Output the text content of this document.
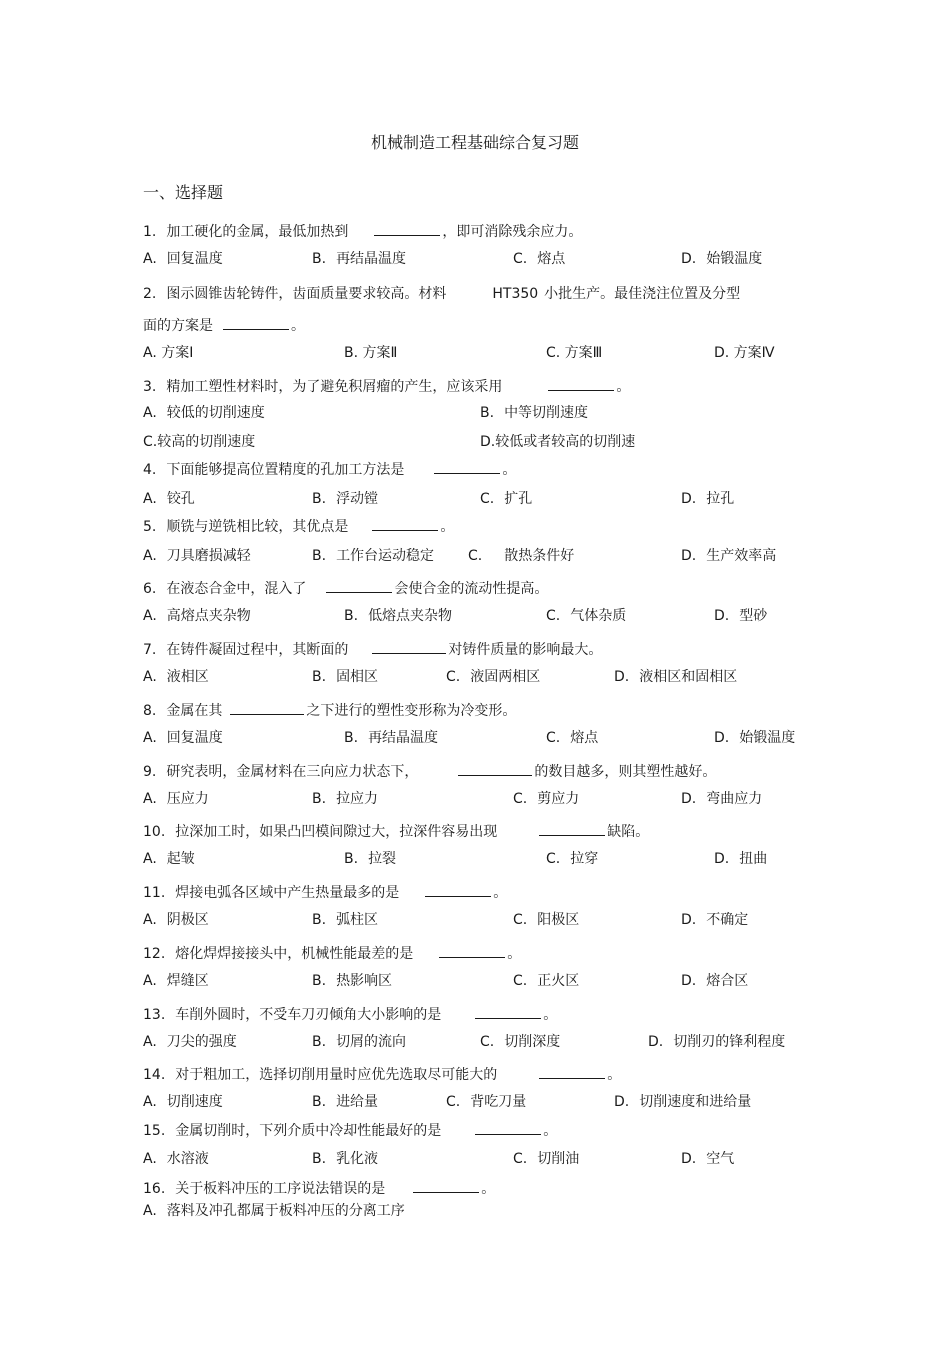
机械制造工程基础综合复习题
一、选择题
1. 加工硬化的金属，最低加热到	，即可消除残余应力。
A. 回复温度	B. 再结晶温度	C. 熔点	D. 始锻温度
2. 图示圆锥齿轮铸件，齿面质量要求较高。材料	HT350 小批生产。最佳浇注位置及分型
面的方案是	。
A. 方案Ⅰ	B. 方案Ⅱ	C. 方案Ⅲ	D. 方案Ⅳ
3. 精加工塑性材料时，为了避免积屑瘤的产生，应该采用	。
A. 较低的切削速度	B. 中等切削速度
C.较高的切削速度	D.较低或者较高的切削速
4. 下面能够提高位置精度的孔加工方法是	。
A. 铰孔	B. 浮动镗	C. 扩孔	D. 拉孔
5. 顺铣与逆铣相比较，其优点是	。
A. 刀具磨损减轻	B. 工作台运动稳定 C. 散热条件好	D. 生产效率高
6. 在液态合金中，混入了	会使合金的流动性提高。
A. 高熔点夹杂物	B. 低熔点夹杂物	C. 气体杂质	D. 型砂
7. 在铸件凝固过程中，其断面的	对铸件质量的影响最大。
A. 液相区	B. 固相区	C. 液固两相区	D. 液相区和固相区
8. 金属在其	之下进行的塑性变形称为冷变形。
A. 回复温度	B. 再结晶温度	C. 熔点	D. 始锻温度
9. 研究表明，金属材料在三向应力状态下，	的数目越多，则其塑性越好。
A. 压应力	B. 拉应力	C. 剪应力	D. 弯曲应力
10. 拉深加工时，如果凸凹模间隙过大，拉深件容易出现	缺陷。
A. 起皱	B. 拉裂	C. 拉穿	D. 扭曲
11. 焊接电弧各区域中产生热量最多的是	。
A. 阴极区	B. 弧柱区	C. 阳极区	D. 不确定
12. 熔化焊焊接接头中，机械性能最差的是	。
A. 焊缝区	B. 热影响区	C. 正火区	D. 熔合区
13. 车削外圆时，不受车刀刃倾角大小影响的是	。
A. 刀尖的强度	B. 切屑的流向	C. 切削深度	D. 切削刃的锋利程度
14. 对于粗加工，选择切削用量时应优先选取尽可能大的	。
A. 切削速度	B. 进给量	C. 背吃刀量	D. 切削速度和进给量
15. 金属切削时，下列介质中冷却性能最好的是	。
A. 水溶液	B. 乳化液	C. 切削油	D. 空气
16. 关于板料冲压的工序说法错误的是	。
A. 落料及冲孔都属于板料冲压的分离工序
